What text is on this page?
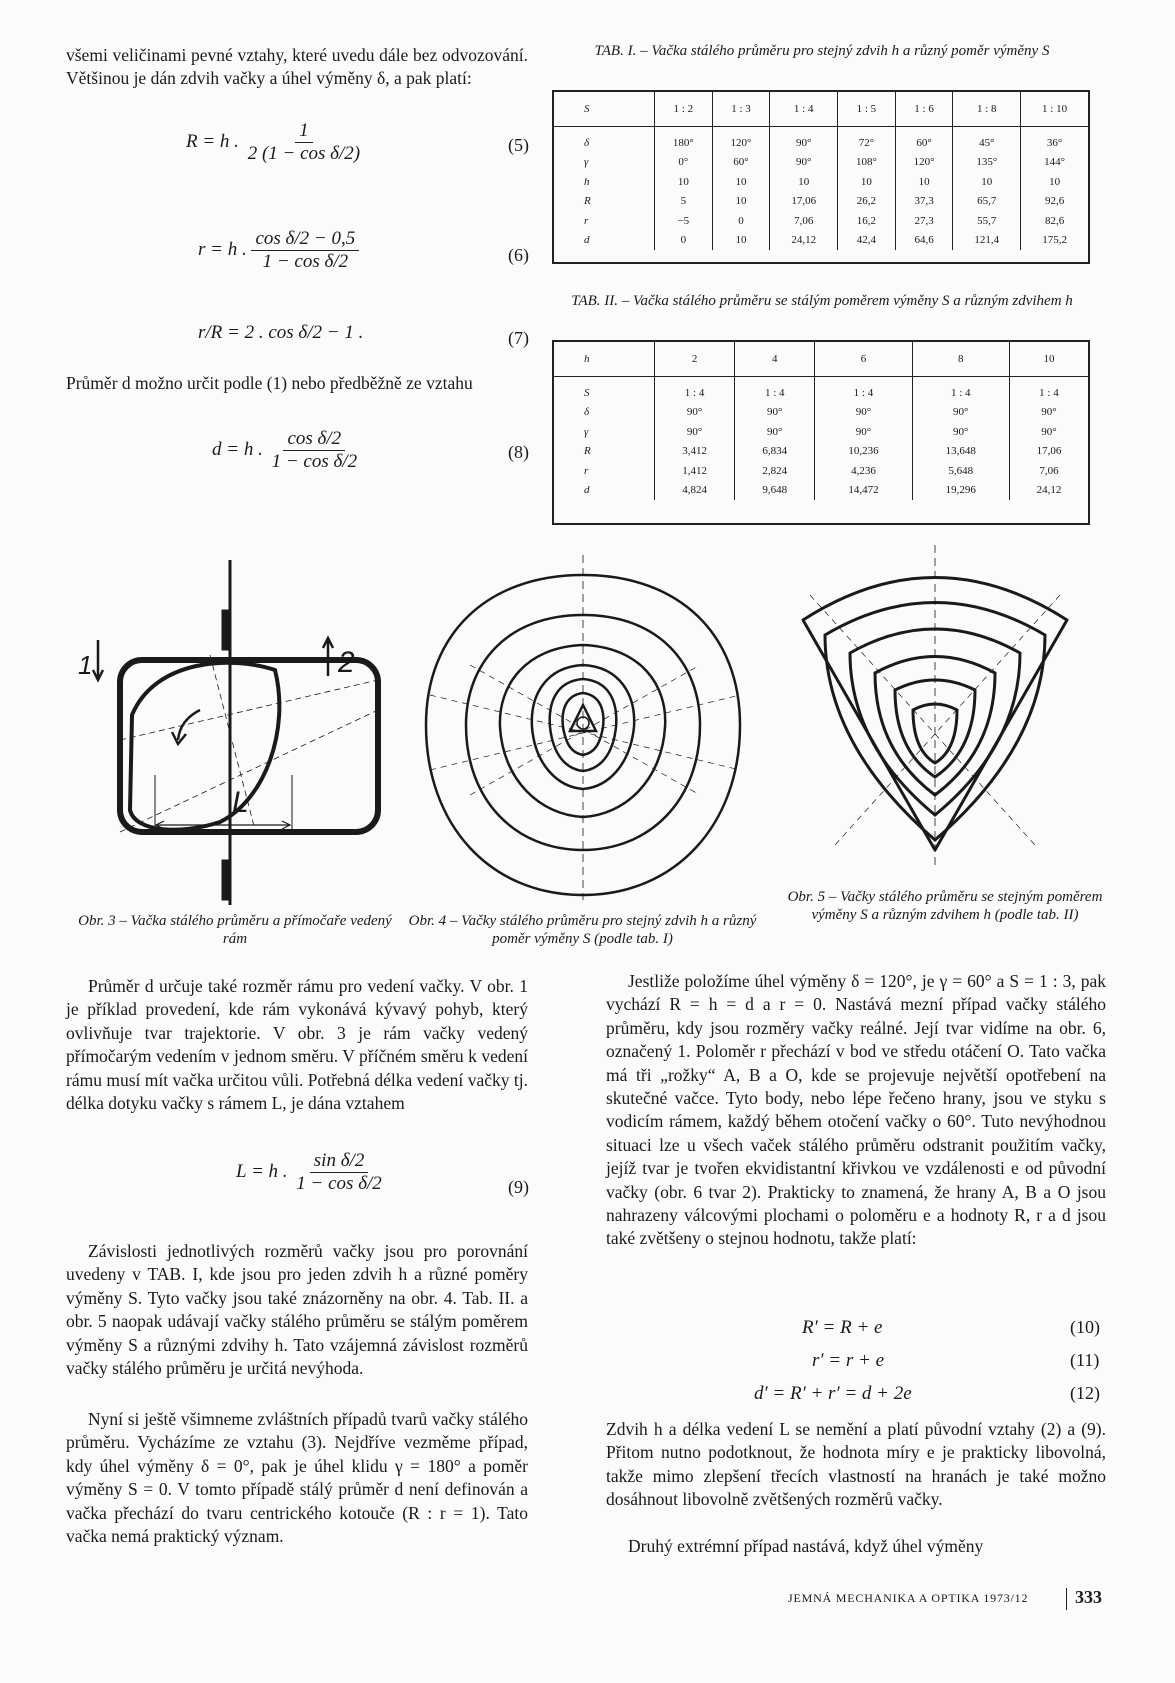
všemi veličinami pevné vztahy, které uvedu dále bez odvozování. Většinou je dán zdvih vačky a úhel výměny δ, a pak platí:
R = h . $\frac{1}{\text{2 (1 − cos δ/2)}}$	(5)
r = h . $\frac{\text{cos δ/2 − 0,5}}{\text{1 − cos δ/2}}$	(6)
r/R = 2 . cos δ/2 − 1 .	(7)
Průměr d možno určit podle (1) nebo předběžně ze vztahu
d = h . $\frac{\text{cos δ/2}}{\text{1 − cos δ/2}}$	(8)
TAB. I. – Vačka stálého průměru pro stejný zdvih h a různý poměr výměny S
S	1 : 2	1 : 3	1 : 4	1 : 5	1 : 6	1 : 8	1 : 10
δ	180°	120°	90°	72°	60°	45°	36°
γ	0°	60°	90°	108°	120°	135°	144°
h	10	10	10	10	10	10	10
R	5	10	17,06	26,2	37,3	65,7	92,6
r	−5	0	7,06	16,2	27,3	55,7	82,6
d	0	10	24,12	42,4	64,6	121,4	175,2
TAB. II. – Vačka stálého průměru se stálým poměrem výměny S a různým zdvihem h
h	2	4	6	8	10
S	1 : 4	1 : 4	1 : 4	1 : 4	1 : 4
δ	90°	90°	90°	90°	90°
γ	90°	90°	90°	90°	90°
R	3,412	6,834	10,236	13,648	17,06
r	1,412	2,824	4,236	5,648	7,06
d	4,824	9,648	14,472	19,296	24,12
1	2
L
Obr. 3 – Vačka stálého průměru a přímočaře vedený rám
Obr. 4 – Vačky stálého průměru pro stejný zdvih h a různý poměr výměny S (podle tab. I)
Obr. 5 – Vačky stálého průměru se stejným poměrem výměny S a různým zdvihem h (podle tab. II)
Průměr d určuje také rozměr rámu pro vedení vačky. V obr. 1 je příklad provedení, kde rám vykonává kývavý pohyb, který ovlivňuje tvar trajektorie. V obr. 3 je rám vačky vedený přímočarým vedením v jednom směru. V příčném směru k vedení rámu musí mít vačka určitou vůli. Potřebná délka vedení vačky tj. délka dotyku vačky s rámem L, je dána vztahem
L = h . $\frac{\text{sin δ/2}}{\text{1 − cos δ/2}}$	(9)
Závislosti jednotlivých rozměrů vačky jsou pro porovnání uvedeny v TAB. I, kde jsou pro jeden zdvih h a různé poměry výměny S. Tyto vačky jsou také znázorněny na obr. 4. Tab. II. a obr. 5 naopak udávají vačky stálého průměru se stálým poměrem výměny S a různými zdvihy h. Tato vzájemná závislost rozměrů vačky stálého průměru je určitá nevýhoda.
Nyní si ještě všimneme zvláštních případů tvarů vačky stálého průměru. Vycházíme ze vztahu (3). Nejdříve vezměme případ, kdy úhel výměny δ = 0°, pak je úhel klidu γ = 180° a poměr výměny S = 0. V tomto případě stálý průměr d není definován a vačka přechází do tvaru centrického kotouče (R : r = 1). Tato vačka nemá praktický význam.
Jestliže položíme úhel výměny δ = 120°, je γ = 60° a S = 1 : 3, pak vychází R = h = d a r = 0. Nastává mezní případ vačky stálého průměru, kdy jsou rozměry vačky reálné. Její tvar vidíme na obr. 6, označený 1. Poloměr r přechází v bod ve středu otáčení O. Tato vačka má tři „rožky“ A, B a O, kde se projevuje největší opotřebení na skutečné vačce. Tyto body, nebo lépe řečeno hrany, jsou ve styku s vodicím rámem, každý během otočení vačky o 60°. Tuto nevýhodnou situaci lze u všech vaček stálého průměru odstranit použitím vačky, jejíž tvar je tvořen ekvidistantní křivkou ve vzdálenosti e od původní vačky (obr. 6 tvar 2). Prakticky to znamená, že hrany A, B a O jsou nahrazeny válcovými plochami o poloměru e a hodnoty R, r a d jsou také zvětšeny o stejnou hodnotu, takže platí:
R′ = R + e	(10)
r′ = r + e	(11)
d′ = R′ + r′ = d + 2e	(12)
Zdvih h a délka vedení L se nemění a platí původní vztahy (2) a (9). Přitom nutno podotknout, že hodnota míry e je prakticky libovolná, takže mimo zlepšení třecích vlastností na hranách je také možno dosáhnout libovolně zvětšených rozměrů vačky.
Druhý extrémní případ nastává, když úhel výměny
JEMNÁ MECHANIKA A OPTIKA 1973/12	333
